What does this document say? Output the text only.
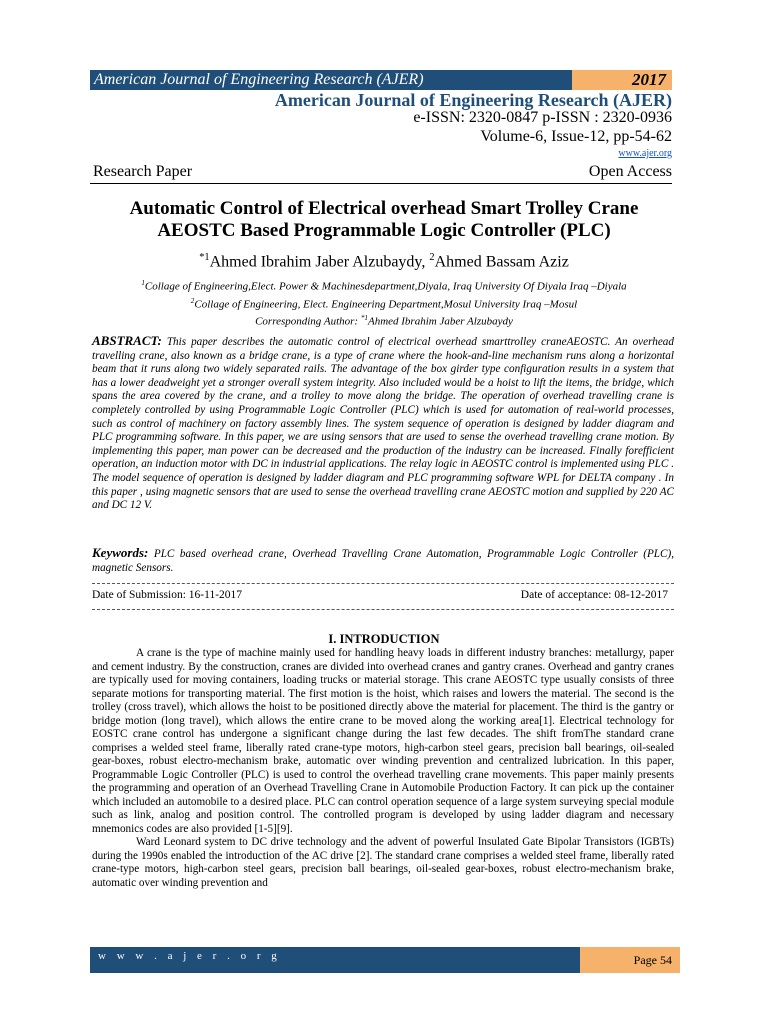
American Journal of Engineering Research (AJER)	2017
American Journal of Engineering Research (AJER)
e-ISSN: 2320-0847 p-ISSN : 2320-0936
Volume-6, Issue-12, pp-54-62
www.ajer.org
Research Paper	Open Access
Automatic Control of Electrical overhead Smart Trolley Crane
AEOSTC Based Programmable Logic Controller (PLC)
$^{*1}$Ahmed Ibrahim Jaber Alzubaydy, $^2$Ahmed Bassam Aziz
$^1$Collage of Engineering,Elect. Power & Machinesdepartment,Diyala, Iraq University Of Diyala Iraq –Diyala
$^2$Collage of Engineering, Elect. Engineering Department,Mosul University Iraq –Mosul
Corresponding Author: $^{*1}$Ahmed Ibrahim Jaber Alzubaydy
ABSTRACT: This paper describes the automatic control of electrical overhead smarttrolley craneAEOSTC. An overhead travelling crane, also known as a bridge crane, is a type of crane where the hook-and-line mechanism runs along a horizontal beam that it runs along two widely separated rails. The advantage of the box girder type configuration results in a system that has a lower deadweight yet a stronger overall system integrity. Also included would be a hoist to lift the items, the bridge, which spans the area covered by the crane, and a trolley to move along the bridge. The operation of overhead travelling crane is completely controlled by using Programmable Logic Controller (PLC) which is used for automation of real-world processes, such as control of machinery on factory assembly lines. The system sequence of operation is designed by ladder diagram and PLC programming software. In this paper, we are using sensors that are used to sense the overhead travelling crane motion. By implementing this paper, man power can be decreased and the production of the industry can be increased. Finally forefficient operation, an induction motor with DC in industrial applications. The relay logic in AEOSTC control is implemented using PLC . The model sequence of operation is designed by ladder diagram and PLC programming software WPL for DELTA company . In this paper , using magnetic sensors that are used to sense the overhead travelling crane AEOSTC motion and supplied by 220 AC and DC 12 V.
Keywords: PLC based overhead crane, Overhead Travelling Crane Automation, Programmable Logic Controller (PLC), magnetic Sensors.
Date of Submission: 16-11-2017	Date of acceptance: 08-12-2017
I. INTRODUCTION

A crane is the type of machine mainly used for handling heavy loads in different industry branches: metallurgy, paper and cement industry. By the construction, cranes are divided into overhead cranes and gantry cranes. Overhead and gantry cranes are typically used for moving containers, loading trucks or material storage. This crane AEOSTC type usually consists of three separate motions for transporting material. The first motion is the hoist, which raises and lowers the material. The second is the trolley (cross travel), which allows the hoist to be positioned directly above the material for placement. The third is the gantry or bridge motion (long travel), which allows the entire crane to be moved along the working area[1]. Electrical technology for EOSTC crane control has undergone a significant change during the last few decades. The shift fromThe standard crane comprises a welded steel frame, liberally rated crane-type motors, high-carbon steel gears, precision ball bearings, oil-sealed gear-boxes, robust electro-mechanism brake, automatic over winding prevention and centralized lubrication. In this paper, Programmable Logic Controller (PLC) is used to control the overhead travelling crane movements. This paper mainly presents the programming and operation of an Overhead Travelling Crane in Automobile Production Factory. It can pick up the container which included an automobile to a desired place. PLC can control operation sequence of a large system surveying special module such as link, analog and position control. The controlled program is developed by using ladder diagram and necessary mnemonics codes are also provided [1-5][9].

Ward Leonard system to DC drive technology and the advent of powerful Insulated Gate Bipolar Transistors (IGBTs) during the 1990s enabled the introduction of the AC drive [2]. The standard crane comprises a welded steel frame, liberally rated crane-type motors, high-carbon steel gears, precision ball bearings, oil-sealed gear-boxes, robust electro-mechanism brake, automatic over winding prevention and

w w w . a j e r . o r g	Page 54
